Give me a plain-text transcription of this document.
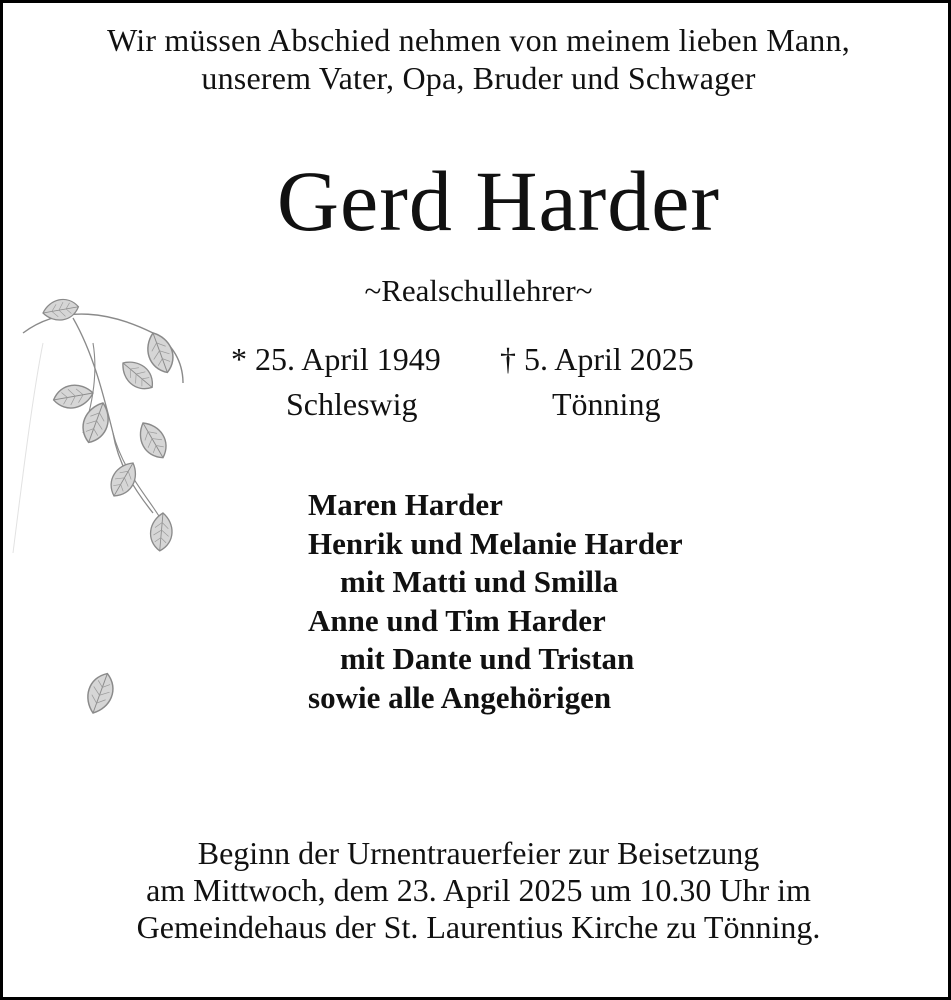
Wir müssen Abschied nehmen von meinem lieben Mann,
unserem Vater, Opa, Bruder und Schwager
Gerd Harder
~Realschullehrer~
* 25. April 1949
Schleswig
† 5. April 2025
Tönning
Maren Harder
Henrik und Melanie Harder
mit Matti und Smilla
Anne und Tim Harder
mit Dante und Tristan
sowie alle Angehörigen
Beginn der Urnentrauerfeier zur Beisetzung
am Mittwoch, dem 23. April 2025 um 10.30 Uhr im
Gemeindehaus der St. Laurentius Kirche zu Tönning.
